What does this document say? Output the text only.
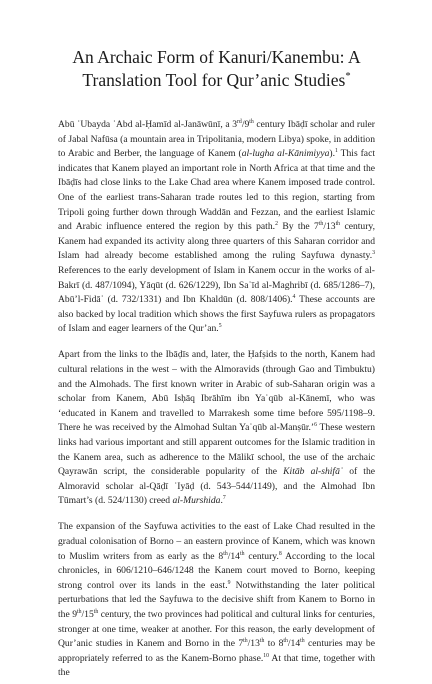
An Archaic Form of Kanuri/Kanembu: A
Translation Tool for Qur’anic Studies*

Abū ʿUbayda ʿAbd al-Ḥamīd al-Janāwūnī, a 3rd/9th century Ibāḍī scholar and ruler of Jabal Nafūsa (a mountain area in Tripolitania, modern Libya) spoke, in addition to Arabic and Berber, the language of Kanem (al-lugha al-Kānimiyya).$^1$ This fact indicates that Kanem played an important role in North Africa at that time and the Ibāḍīs had close links to the Lake Chad area where Kanem imposed trade control. One of the earliest trans-Saharan trade routes led to this region, starting from Tripoli going further down through Waddān and Fezzan, and the earliest Islamic and Arabic influence entered the region by this path.$^2$ By the 7th/13th century, Kanem had expanded its activity along three quarters of this Saharan corridor and Islam had already become established among the ruling Sayfuwa dynasty.$^3$ References to the early development of Islam in Kanem occur in the works of al-Bakrī (d. 487/1094), Yāqūt (d. 626/1229), Ibn Saʿīd al-Maghribī (d. 685/1286–7), Abū’l-Fidāʾ (d. 732/1331) and Ibn Khaldūn (d. 808/1406).$^4$ These accounts are also backed by local tradition which shows the first Sayfuwa rulers as propagators of Islam and eager learners of the Qur’an.$^5$

Apart from the links to the Ibāḍīs and, later, the Ḥafṣids to the north, Kanem had cultural relations in the west – with the Almoravids (through Gao and Timbuktu) and the Almohads. The first known writer in Arabic of sub-Saharan origin was a scholar from Kanem, Abū Isḥāq Ibrāhīm ibn Yaʿqūb al-Kānemī, who was ‘educated in Kanem and travelled to Marrakesh some time before 595/1198–9. There he was received by the Almohad Sultan Yaʿqūb al-Manṣūr.’$^6$ These western links had various important and still apparent outcomes for the Islamic tradition in the Kanem area, such as adherence to the Mālikī school, the use of the archaic Qayrawān script, the considerable popularity of the Kitāb al-shifāʾ of the Almoravid scholar al-Qāḍī ʿIyāḍ (d. 543–544/1149), and the Almohad Ibn Tūmart’s (d. 524/1130) creed al-Murshida.$^7$

The expansion of the Sayfuwa activities to the east of Lake Chad resulted in the gradual colonisation of Borno – an eastern province of Kanem, which was known to Muslim writers from as early as the 8th/14th century.$^8$ According to the local chronicles, in 606/1210–646/1248 the Kanem court moved to Borno, keeping strong control over its lands in the east.$^9$ Notwithstanding the later political perturbations that led the Sayfuwa to the decisive shift from Kanem to Borno in the 9th/15th century, the two provinces had political and cultural links for centuries, stronger at one time, weaker at another. For this reason, the early development of Qur’anic studies in Kanem and Borno in the 7th/13th to 8th/14th centuries may be appropriately referred to as the Kanem-Borno phase.$^{10}$ At that time, together with the
